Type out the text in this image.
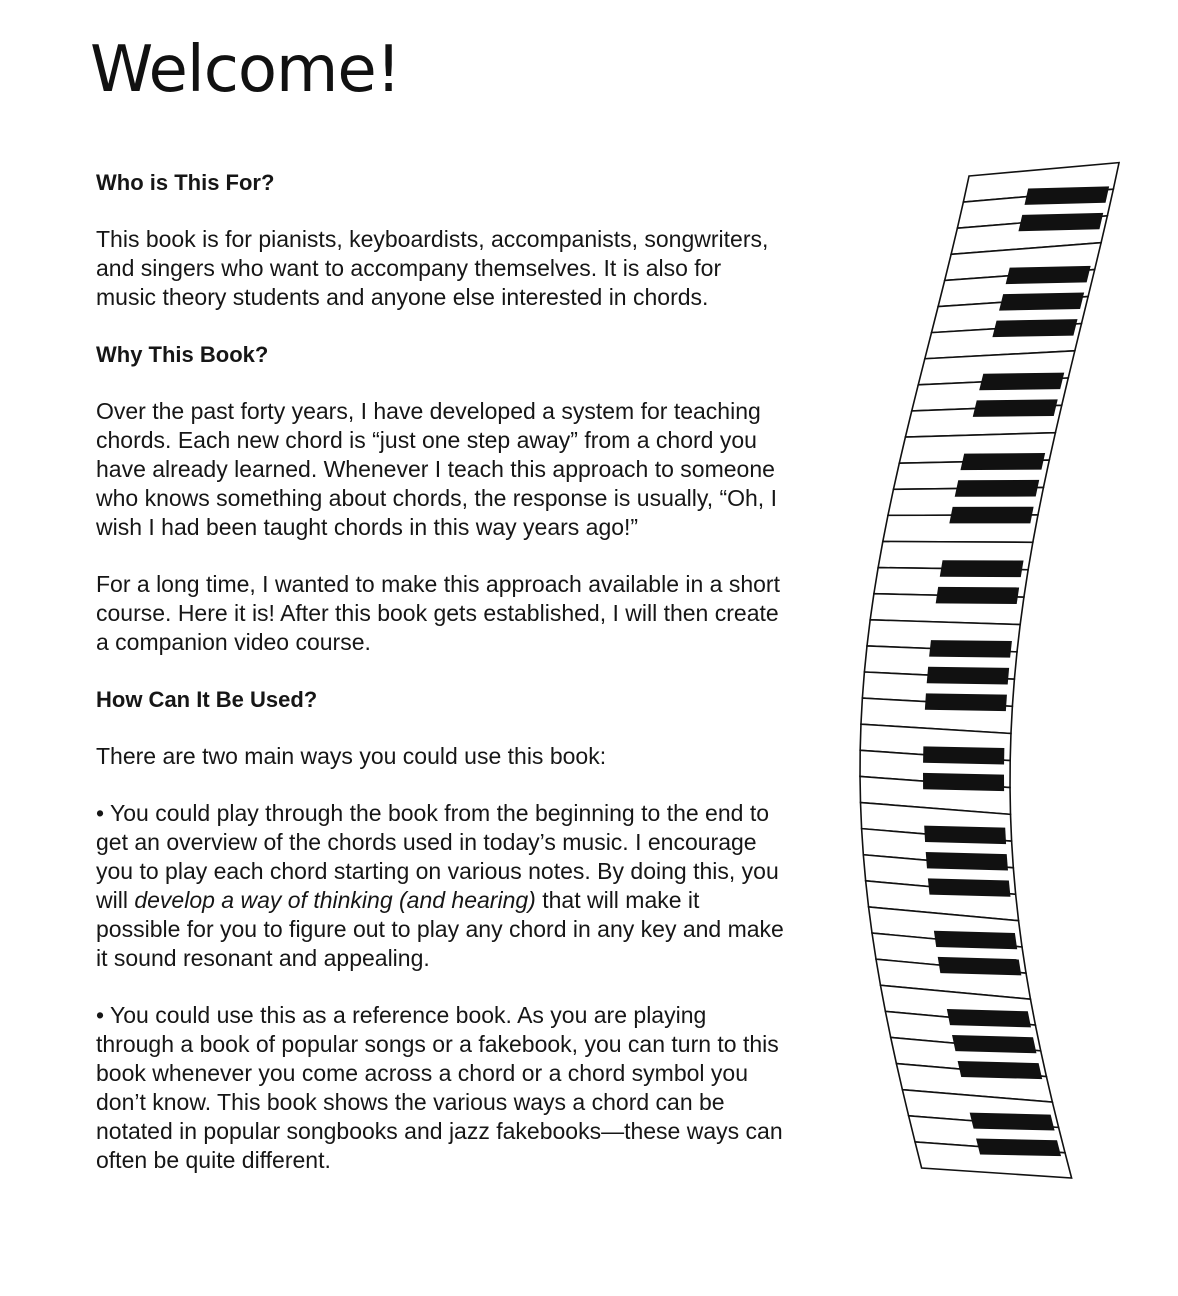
Welcome!
Who is This For?

This book is for pianists, keyboardists, accompanists, songwriters, and singers who want to accompany themselves. It is also for music theory students and anyone else interested in chords.

Why This Book?

Over the past forty years, I have developed a system for teaching chords. Each new chord is “just one step away” from a chord you have already learned. Whenever I teach this approach to someone who knows something about chords, the response is usually, “Oh, I wish I had been taught chords in this way years ago!”

For a long time, I wanted to make this approach available in a short course. Here it is! After this book gets established, I will then create a companion video course.

How Can It Be Used?

There are two main ways you could use this book:

• You could play through the book from the beginning to the end to get an overview of the chords used in today’s music. I encourage you to play each chord starting on various notes. By doing this, you will develop a way of thinking (and hearing) that will make it possible for you to figure out to play any chord in any key and make it sound resonant and appealing.

• You could use this as a reference book. As you are playing through a book of popular songs or a fakebook, you can turn to this book whenever you come across a chord or a chord symbol you don’t know. This book shows the various ways a chord can be notated in popular songbooks and jazz fakebooks—these ways can often be quite different.
